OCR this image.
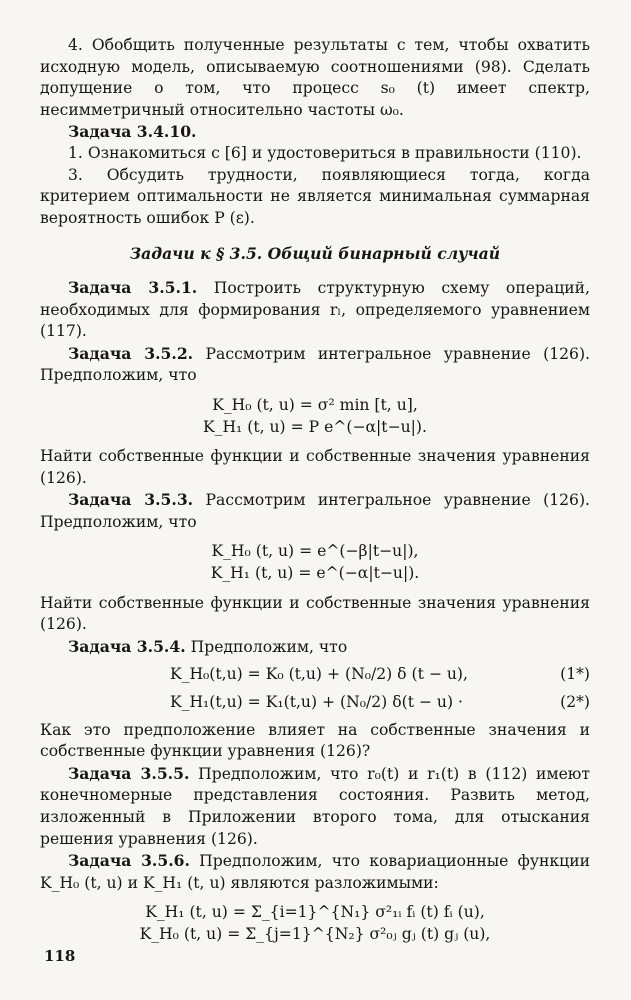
4. Обобщить полученные результаты с тем, чтобы охватить исходную модель, описываемую соотношениями (98). Сделать допущение о том, что процесс s₀ (t) имеет спектр, несимметричный относительно частоты ω₀.

Задача 3.4.10.

1. Ознакомиться с [6] и удостовериться в правильности (110).

3. Обсудить трудности, появляющиеся тогда, когда критерием оптимальности не является минимальная суммарная вероятность ошибок P (ε).

Задачи к § 3.5. Общий бинарный случай

Задача 3.5.1. Построить структурную схему операций, необходимых для формирования rₗ, определяемого уравнением (117).

Задача 3.5.2. Рассмотрим интегральное уравнение (126). Предположим, что

K_H₀ (t, u) = σ² min [t, u],
K_H₁ (t, u) = P e^(−α|t−u|).

Найти собственные функции и собственные значения уравнения (126).

Задача 3.5.3. Рассмотрим интегральное уравнение (126). Предположим, что

K_H₀ (t, u) = e^(−β|t−u|),
K_H₁ (t, u) = e^(−α|t−u|).

Найти собственные функции и собственные значения уравнения (126).

Задача 3.5.4. Предположим, что

K_H₀(t,u) = K₀ (t,u) + (N₀/2) δ (t − u),	(1*)
K_H₁(t,u) = K₁(t,u) + (N₀/2) δ(t − u) ·	(2*)

Как это предположение влияет на собственные значения и собственные функции уравнения (126)?

Задача 3.5.5. Предположим, что r₀(t) и r₁(t) в (112) имеют конечномерные представления состояния. Развить метод, изложенный в Приложении второго тома, для отыскания решения уравнения (126).

Задача 3.5.6. Предположим, что ковариационные функции K_H₀ (t, u) и K_H₁ (t, u) являются разложимыми:

K_H₁ (t, u) = Σ_{i=1}^{N₁} σ²₁ᵢ fᵢ (t) fᵢ (u),
K_H₀ (t, u) = Σ_{j=1}^{N₂} σ²₀ⱼ gⱼ (t) gⱼ (u),
118
